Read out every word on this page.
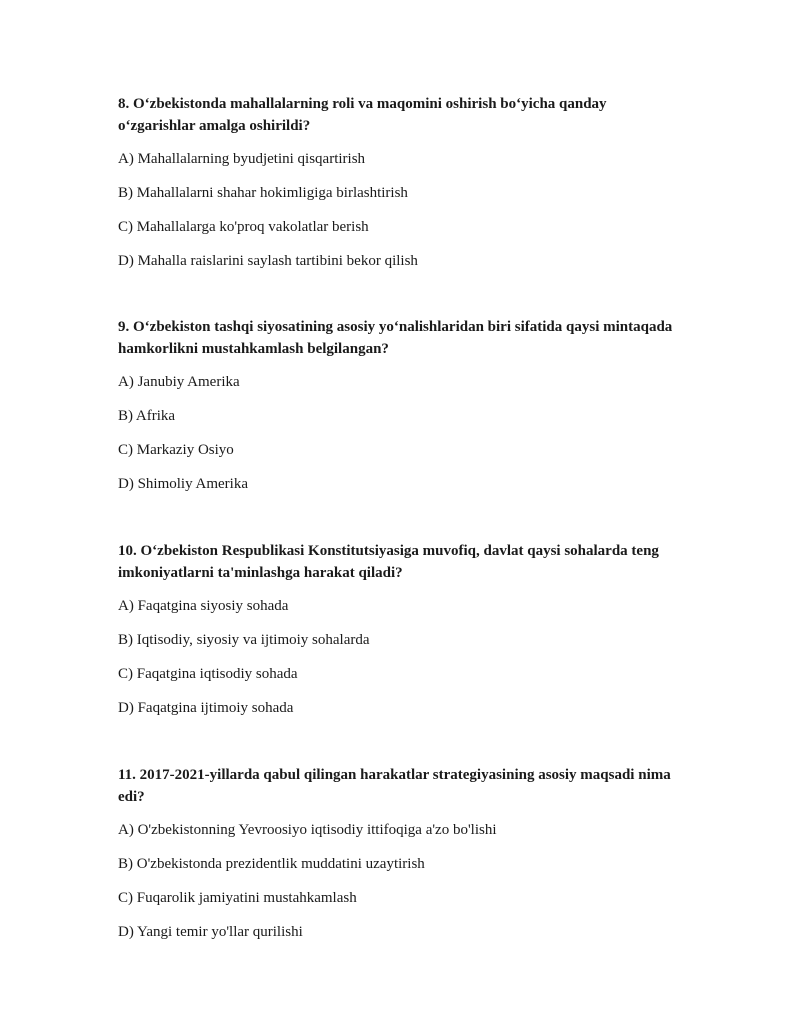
8. O‘zbekistonda mahallalarning roli va maqomini oshirish bo‘yicha qanday o‘zgarishlar amalga oshirildi?

A) Mahallalarning byudjetini qisqartirish
B) Mahallalarni shahar hokimligiga birlashtirish
C) Mahallalarga ko'proq vakolatlar berish
D) Mahalla raislarini saylash tartibini bekor qilish

9. O‘zbekiston tashqi siyosatining asosiy yo‘nalishlaridan biri sifatida qaysi mintaqada hamkorlikni mustahkamlash belgilangan?

A) Janubiy Amerika
B) Afrika
C) Markaziy Osiyo
D) Shimoliy Amerika

10. O‘zbekiston Respublikasi Konstitutsiyasiga muvofiq, davlat qaysi sohalarda teng imkoniyatlarni ta'minlashga harakat qiladi?

A) Faqatgina siyosiy sohada
B) Iqtisodiy, siyosiy va ijtimoiy sohalarda
C) Faqatgina iqtisodiy sohada
D) Faqatgina ijtimoiy sohada

11. 2017-2021-yillarda qabul qilingan harakatlar strategiyasining asosiy maqsadi nima edi?

A) O'zbekistonning Yevroosiyo iqtisodiy ittifoqiga a'zo bo'lishi
B) O'zbekistonda prezidentlik muddatini uzaytirish
C) Fuqarolik jamiyatini mustahkamlash
D) Yangi temir yo'llar qurilishi
